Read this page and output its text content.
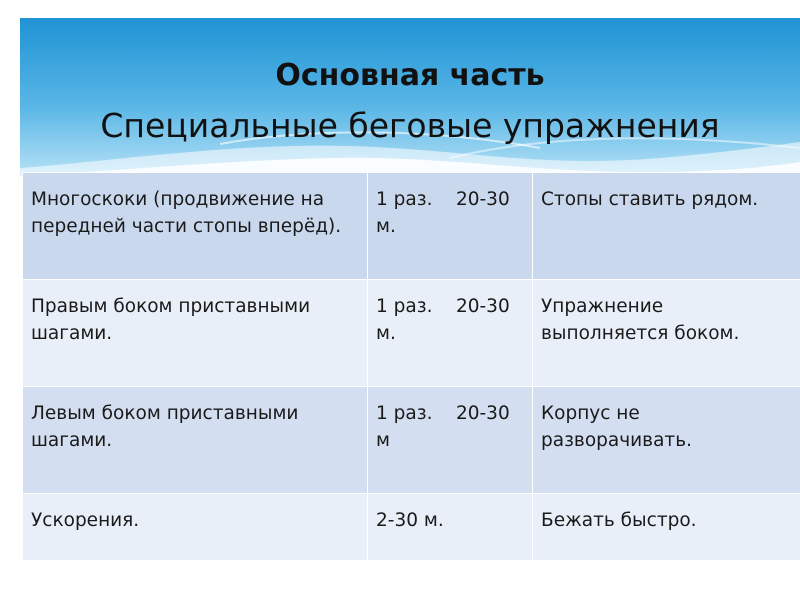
Основная часть
Специальные беговые упражнения
Многоскоки (продвижение на передней части стопы вперёд).	1 раз.    20-30 м.	Стопы ставить рядом.
Правым боком приставными шагами.	1 раз.    20-30 м.	Упражнение выполняется боком.
Левым боком приставными шагами.	1 раз.    20-30 м	Корпус не разворачивать.
Ускорения.	2-30 м.	Бежать быстро.
